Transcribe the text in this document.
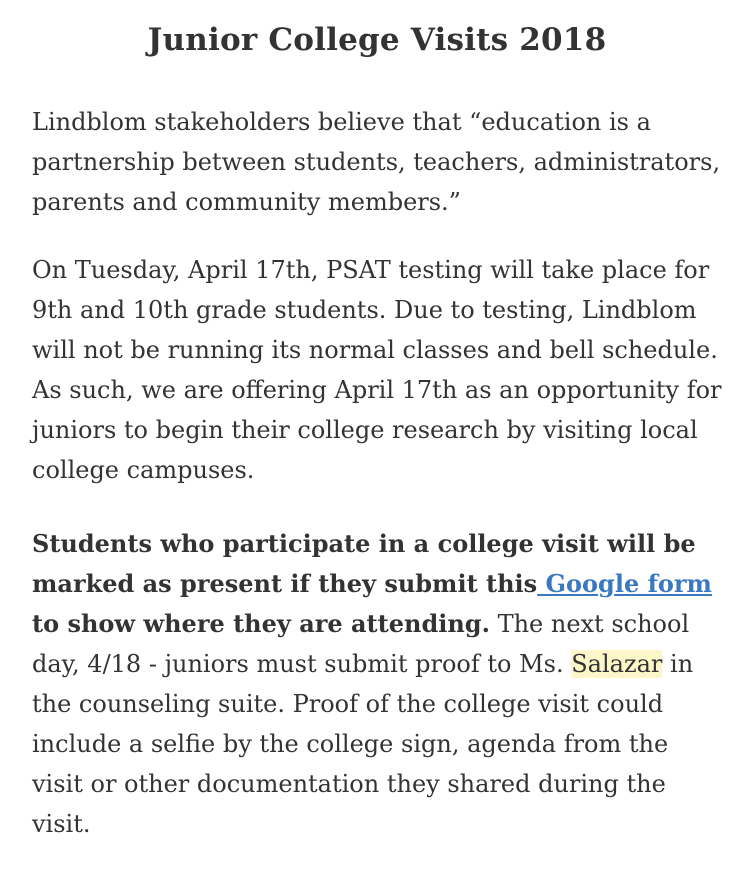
Junior College Visits 2018

Lindblom stakeholders believe that “education is a partnership between students, teachers, administrators, parents and community members.”

On Tuesday, April 17th, PSAT testing will take place for 9th and 10th grade students. Due to testing, Lindblom will not be running its normal classes and bell schedule. As such, we are offering April 17th as an opportunity for juniors to begin their college research by visiting local college campuses.

Students who participate in a college visit will be marked as present if they submit this Google form to show where they are attending. The next school day, 4/18 - juniors must submit proof to Ms. Salazar in the counseling suite. Proof of the college visit could include a selfie by the college sign, agenda from the visit or other documentation they shared during the visit.
